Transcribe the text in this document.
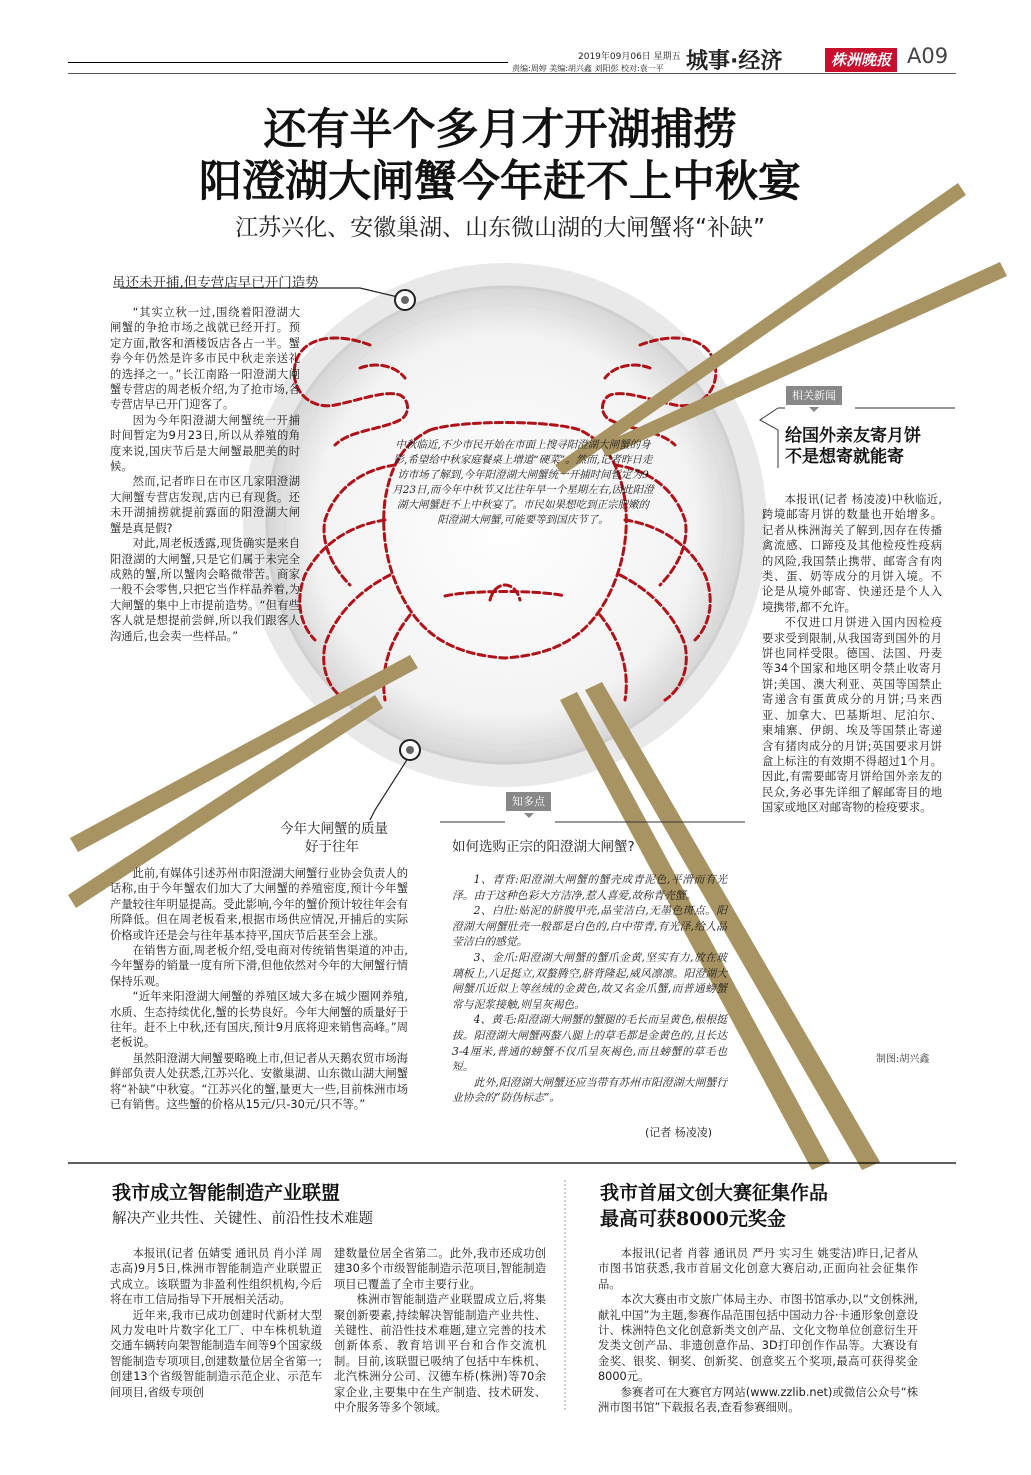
2019年09月06日 星期五
责编:周婷 美编:胡兴鑫 刘阳彭 校对:袁一平 城事·经济	株洲晚报 A09
还有半个多月才开湖捕捞
阳澄湖大闸蟹今年赶不上中秋宴
江苏兴化、安徽巢湖、山东微山湖的大闸蟹将“补缺”
虽还未开捕,但专营店早已开门造势
“其实立秋一过,围绕着阳澄湖大闸蟹的争抢市场之战就已经开打。预定方面,散客和酒楼饭店各占一半。蟹券今年仍然是许多市民中秋走亲送礼的选择之一。”长江南路一阳澄湖大闸蟹专营店的周老板介绍,为了抢市场,各专营店早已开门迎客了。
因为今年阳澄湖大闸蟹统一开捕时间暂定为9月23日,所以从养殖的角度来说,国庆节后是大闸蟹最肥美的时候。
然而,记者昨日在市区几家阳澄湖大闸蟹专营店发现,店内已有现货。还未开湖捕捞就提前露面的阳澄湖大闸蟹是真是假?
对此,周老板透露,现货确实是来自阳澄湖的大闸蟹,只是它们属于未完全成熟的蟹,所以蟹肉会略微带苦。商家一般不会零售,只把它当作样品养着,为大闸蟹的集中上市提前造势。“但有些客人就是想提前尝鲜,所以我们跟客人沟通后,也会卖一些样品。”
中秋临近,不少市民开始在市面上搜寻阳澄湖大闸蟹的身影,希望给中秋家庭餐桌上增道“硬菜”。然而,记者昨日走访市场了解到,今年阳澄湖大闸蟹统一开捕时间暂定为9月23日,而今年中秋节又比往年早一个星期左右,因此阳澄湖大闸蟹赶不上中秋宴了。市民如果想吃到正宗肥嫩的阳澄湖大闸蟹,可能要等到国庆节了。
相关新闻
给国外亲友寄月饼
不是想寄就能寄
本报讯(记者 杨凌凌)中秋临近,跨境邮寄月饼的数量也开始增多。记者从株洲海关了解到,因存在传播禽流感、口蹄疫及其他检疫性疫病的风险,我国禁止携带、邮寄含有肉类、蛋、奶等成分的月饼入境。不论是从境外邮寄、快递还是个人入境携带,都不允许。
不仅进口月饼进入国内因检疫要求受到限制,从我国寄到国外的月饼也同样受限。德国、法国、丹麦等34个国家和地区明令禁止收寄月饼;美国、澳大利亚、英国等国禁止寄递含有蛋黄成分的月饼;马来西亚、加拿大、巴基斯坦、尼泊尔、柬埔寨、伊朗、埃及等国禁止寄递含有猪肉成分的月饼;英国要求月饼盒上标注的有效期不得超过1个月。因此,有需要邮寄月饼给国外亲友的民众,务必事先详细了解邮寄目的地国家或地区对邮寄物的检疫要求。
制图:胡兴鑫
今年大闸蟹的质量
好于往年
此前,有媒体引述苏州市阳澄湖大闸蟹行业协会负责人的话称,由于今年蟹农们加大了大闸蟹的养殖密度,预计今年蟹产量较往年明显提高。受此影响,今年的蟹价预计较往年会有所降低。但在周老板看来,根据市场供应情况,开捕后的实际价格或许还是会与往年基本持平,国庆节后甚至会上涨。
在销售方面,周老板介绍,受电商对传统销售渠道的冲击,今年蟹券的销量一度有所下滑,但他依然对今年的大闸蟹行情保持乐观。
“近年来阳澄湖大闸蟹的养殖区域大多在城少圈网养殖,水质、生态持续优化,蟹的长势良好。今年大闸蟹的质量好于往年。赶不上中秋,还有国庆,预计9月底将迎来销售高峰。”周老板说。
虽然阳澄湖大闸蟹要略晚上市,但记者从天鹅农贸市场海鲜部负责人处获悉,江苏兴化、安徽巢湖、山东微山湖大闸蟹将“补缺”中秋宴。“江苏兴化的蟹,量更大一些,目前株洲市场已有销售。这些蟹的价格从15元/只-30元/只不等。”
知多点
如何选购正宗的阳澄湖大闸蟹?
1、青背:阳澄湖大闸蟹的蟹壳成青泥色,平滑而有光泽。由于这种色彩大方洁净,惹人喜爱,故称青壳蟹。
2、白肚:贴泥的脐腹甲壳,晶莹洁白,无墨色斑点。阳澄湖大闸蟹肚壳一般都是白色的,白中带青,有光泽,给人晶莹洁白的感觉。
3、金爪:阳澄湖大闸蟹的蟹爪金黄,坚实有力,放在玻璃板上,八足挺立,双螯腾空,脐背隆起,威风凛凛。阳澄湖大闸蟹爪近似上等丝绒的金黄色,故又名金爪蟹,而普通螃蟹常与泥浆接触,则呈灰褐色。
4、黄毛:阳澄湖大闸蟹的蟹腿的毛长而呈黄色,根根挺拔。阳澄湖大闸蟹两螯八腿上的草毛都是金黄色的,且长达3-4厘米,普通的螃蟹不仅爪呈灰褐色,而且螃蟹的草毛也短。
此外,阳澄湖大闸蟹还应当带有苏州市阳澄湖大闸蟹行业协会的“防伪标志”。
(记者 杨凌凌)
我市成立智能制造产业联盟
解决产业共性、关键性、前沿性技术难题
本报讯(记者 伍婧雯 通讯员 肖小洋 周志高)9月5日,株洲市智能制造产业联盟正式成立。该联盟为非盈利性组织机构,今后将在市工信局指导下开展相关活动。
近年来,我市已成功创建时代新材大型风力发电叶片数字化工厂、中车株机轨道交通车辆转向架智能制造车间等9个国家级智能制造专项项目,创建数量位居全省第一;创建13个省级智能制造示范企业、示范车间项目,省级专项创
建数量位居全省第二。此外,我市还成功创建30多个市级智能制造示范项目,智能制造项目已覆盖了全市主要行业。
株洲市智能制造产业联盟成立后,将集聚创新要素,持续解决智能制造产业共性、关键性、前沿性技术难题,建立完善的技术创新体系、教育培训平台和合作交流机制。目前,该联盟已吸纳了包括中车株机、北汽株洲分公司、汉德车桥(株洲)等70余家企业,主要集中在生产制造、技术研发、中介服务等多个领域。
我市首届文创大赛征集作品
最高可获8000元奖金
本报讯(记者 肖蓉 通讯员 严丹 实习生 姚雯洁)昨日,记者从市图书馆获悉,我市首届文化创意大赛启动,正面向社会征集作品。
本次大赛由市文旅广体局主办、市图书馆承办,以“文创株洲,献礼中国”为主题,参赛作品范围包括中国动力谷·卡通形象创意设计、株洲特色文化创意新类文创产品、文化文物单位创意衍生开发类文创产品、非遗创意作品、3D打印创作作品等。大赛设有金奖、银奖、铜奖、创新奖、创意奖五个奖项,最高可获得奖金8000元。
参赛者可在大赛官方网站(www.zzlib.net)或微信公众号“株洲市图书馆”下载报名表,查看参赛细则。
